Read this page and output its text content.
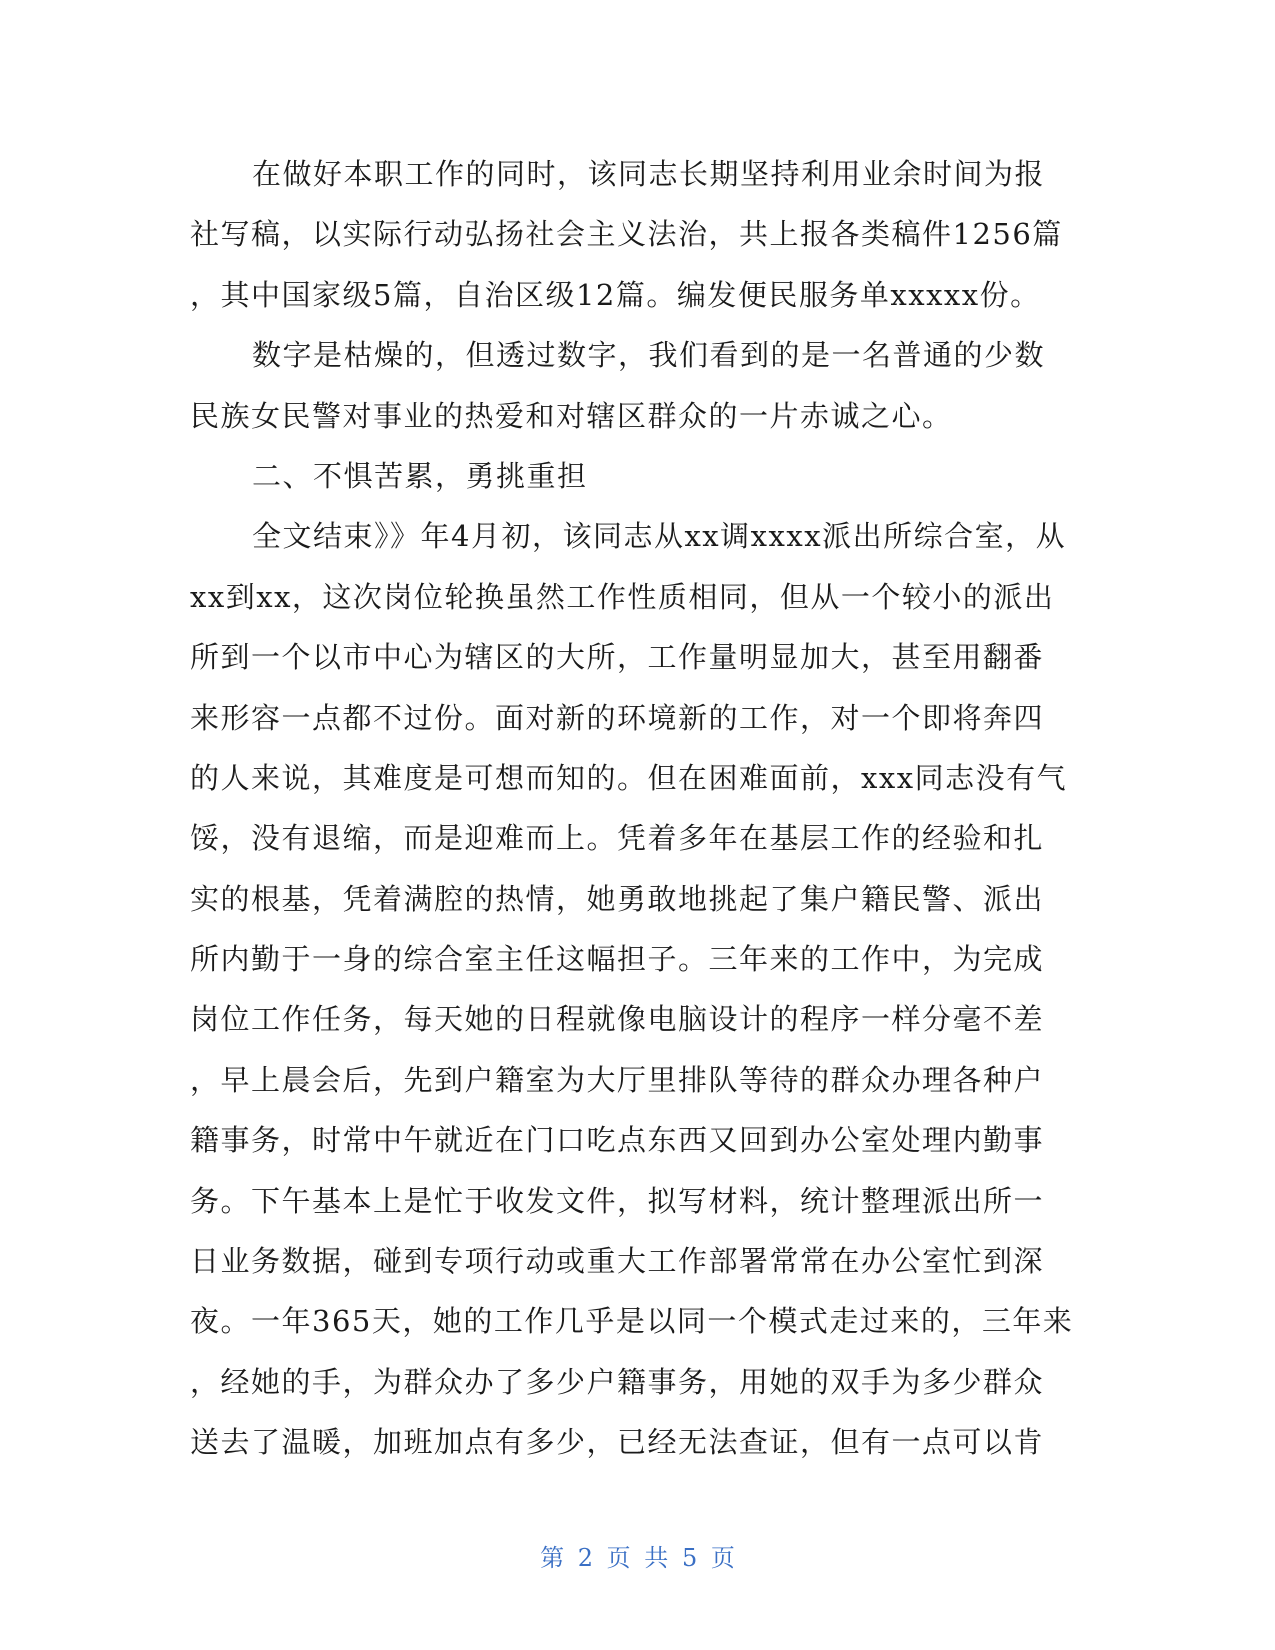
在做好本职工作的同时，该同志长期坚持利用业余时间为报
社写稿，以实际行动弘扬社会主义法治，共上报各类稿件1256篇
，其中国家级5篇，自治区级12篇。编发便民服务单xxxxx份。
数字是枯燥的，但透过数字，我们看到的是一名普通的少数
民族女民警对事业的热爱和对辖区群众的一片赤诚之心。
二、不惧苦累，勇挑重担
全文结束》》年4月初，该同志从xx调xxxx派出所综合室，从
xx到xx，这次岗位轮换虽然工作性质相同，但从一个较小的派出
所到一个以市中心为辖区的大所，工作量明显加大，甚至用翻番
来形容一点都不过份。面对新的环境新的工作，对一个即将奔四
的人来说，其难度是可想而知的。但在困难面前，xxx同志没有气
馁，没有退缩，而是迎难而上。凭着多年在基层工作的经验和扎
实的根基，凭着满腔的热情，她勇敢地挑起了集户籍民警、派出
所内勤于一身的综合室主任这幅担子。三年来的工作中，为完成
岗位工作任务，每天她的日程就像电脑设计的程序一样分毫不差
，早上晨会后，先到户籍室为大厅里排队等待的群众办理各种户
籍事务，时常中午就近在门口吃点东西又回到办公室处理内勤事
务。下午基本上是忙于收发文件，拟写材料，统计整理派出所一
日业务数据，碰到专项行动或重大工作部署常常在办公室忙到深
夜。一年365天，她的工作几乎是以同一个模式走过来的，三年来
，经她的手，为群众办了多少户籍事务，用她的双手为多少群众
送去了温暖，加班加点有多少，已经无法查证，但有一点可以肯
第 2 页 共 5 页
